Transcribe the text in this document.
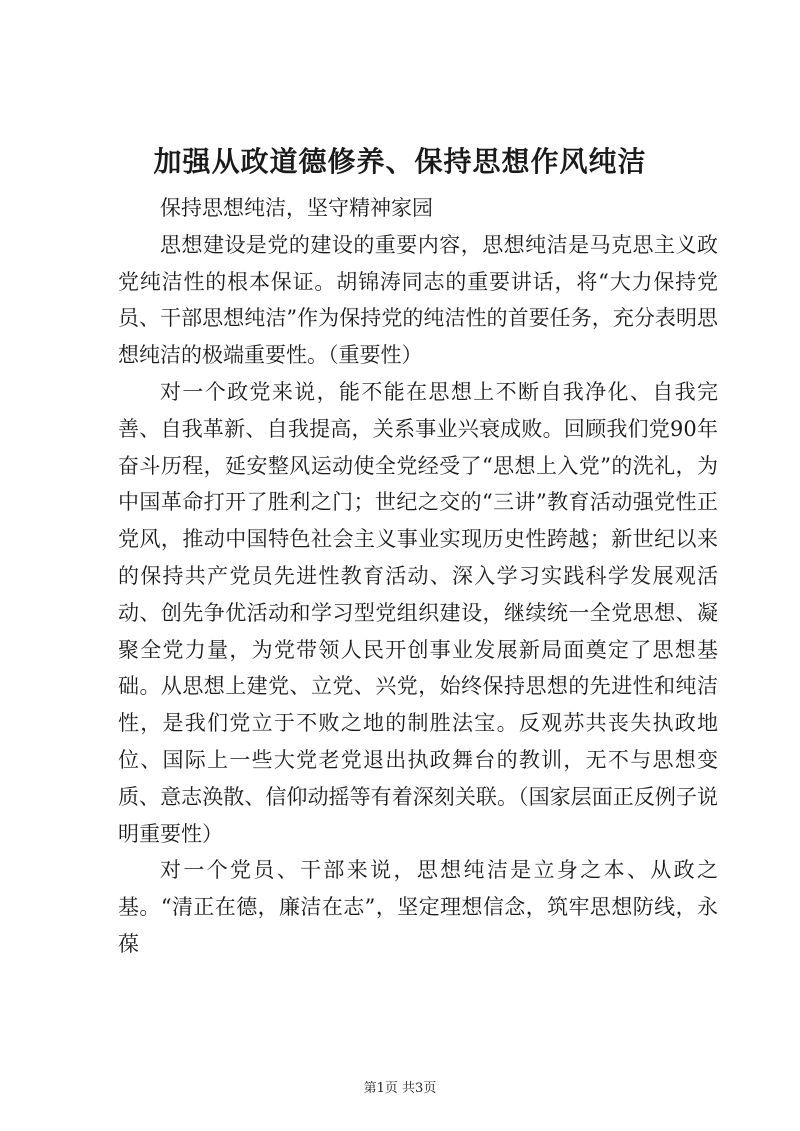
加强从政道德修养、保持思想作风纯洁

保持思想纯洁，坚守精神家园

思想建设是党的建设的重要内容，思想纯洁是马克思主义政党纯洁性的根本保证。胡锦涛同志的重要讲话，将“大力保持党员、干部思想纯洁”作为保持党的纯洁性的首要任务，充分表明思想纯洁的极端重要性。（重要性）

对一个政党来说，能不能在思想上不断自我净化、自我完善、自我革新、自我提高，关系事业兴衰成败。回顾我们党90年奋斗历程，延安整风运动使全党经受了“思想上入党”的洗礼，为中国革命打开了胜利之门；世纪之交的“三讲”教育活动强党性正党风，推动中国特色社会主义事业实现历史性跨越；新世纪以来的保持共产党员先进性教育活动、深入学习实践科学发展观活动、创先争优活动和学习型党组织建设，继续统一全党思想、凝聚全党力量，为党带领人民开创事业发展新局面奠定了思想基础。从思想上建党、立党、兴党，始终保持思想的先进性和纯洁性，是我们党立于不败之地的制胜法宝。反观苏共丧失执政地位、国际上一些大党老党退出执政舞台的教训，无不与思想变质、意志涣散、信仰动摇等有着深刻关联。（国家层面正反例子说明重要性）

对一个党员、干部来说，思想纯洁是立身之本、从政之基。“清正在德，廉洁在志”，坚定理想信念，筑牢思想防线，永葆

第1页 共3页
